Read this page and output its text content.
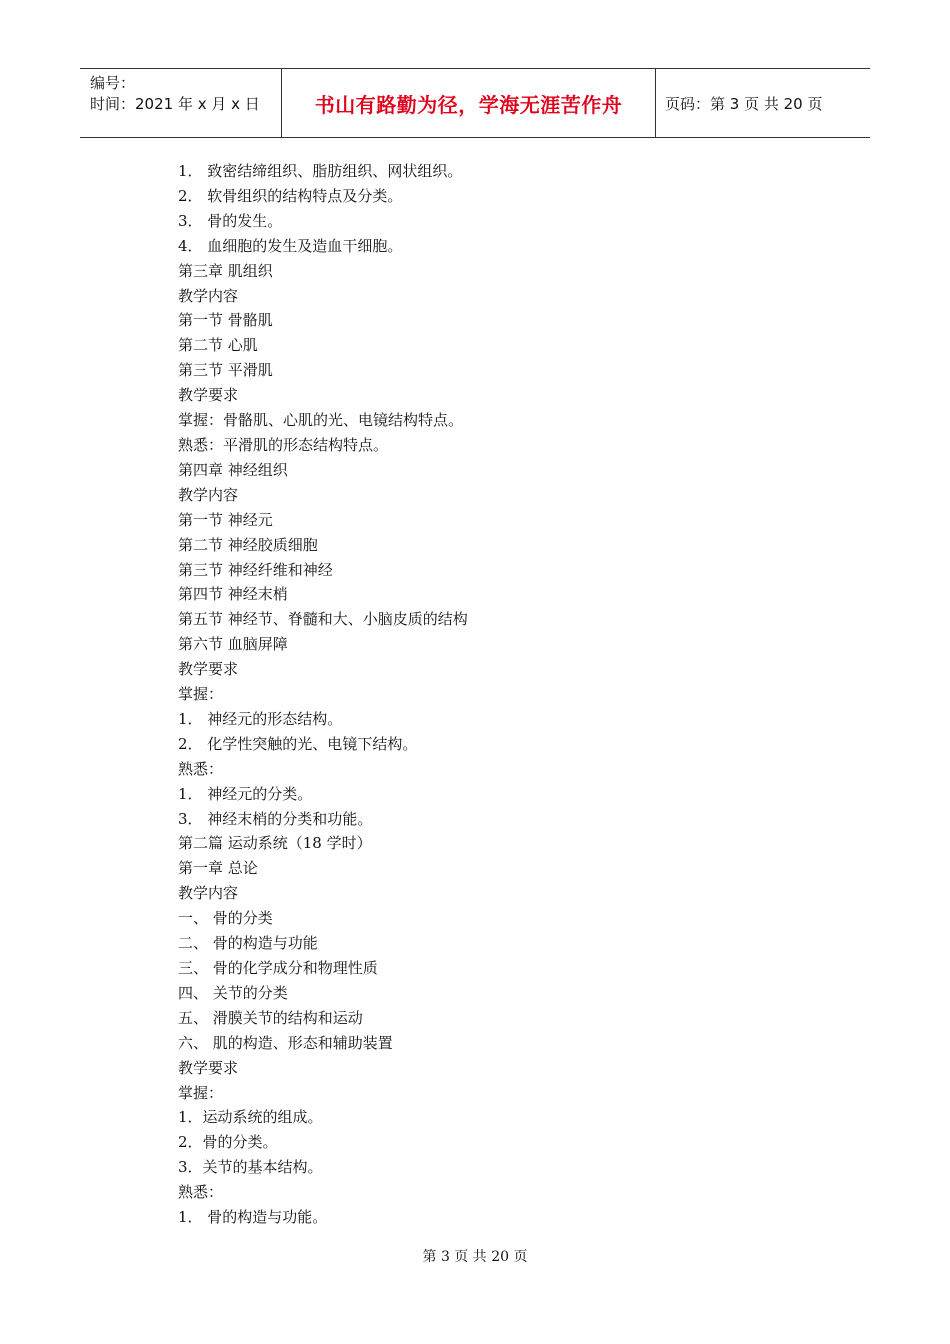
编号：
时间：2021 年 x 月 x 日	书山有路勤为径，学海无涯苦作舟	页码：第 3 页 共 20 页
1． 致密结缔组织、脂肪组织、网状组织。
2． 软骨组织的结构特点及分类。
3． 骨的发生。
4． 血细胞的发生及造血干细胞。
第三章 肌组织
教学内容
第一节 骨骼肌
第二节 心肌
第三节 平滑肌
教学要求
掌握：骨骼肌、心肌的光、电镜结构特点。
熟悉：平滑肌的形态结构特点。
第四章 神经组织
教学内容
第一节 神经元
第二节 神经胶质细胞
第三节 神经纤维和神经
第四节 神经末梢
第五节 神经节、脊髓和大、小脑皮质的结构
第六节 血脑屏障
教学要求
掌握：
1． 神经元的形态结构。
2． 化学性突触的光、电镜下结构。
熟悉：
1． 神经元的分类。
3． 神经末梢的分类和功能。
第二篇 运动系统（18 学时）
第一章 总论
教学内容
一、 骨的分类
二、 骨的构造与功能
三、 骨的化学成分和物理性质
四、 关节的分类
五、 滑膜关节的结构和运动
六、 肌的构造、形态和辅助装置
教学要求
掌握：
1．运动系统的组成。
2．骨的分类。
3．关节的基本结构。
熟悉：
1． 骨的构造与功能。
第 3 页 共 20 页
